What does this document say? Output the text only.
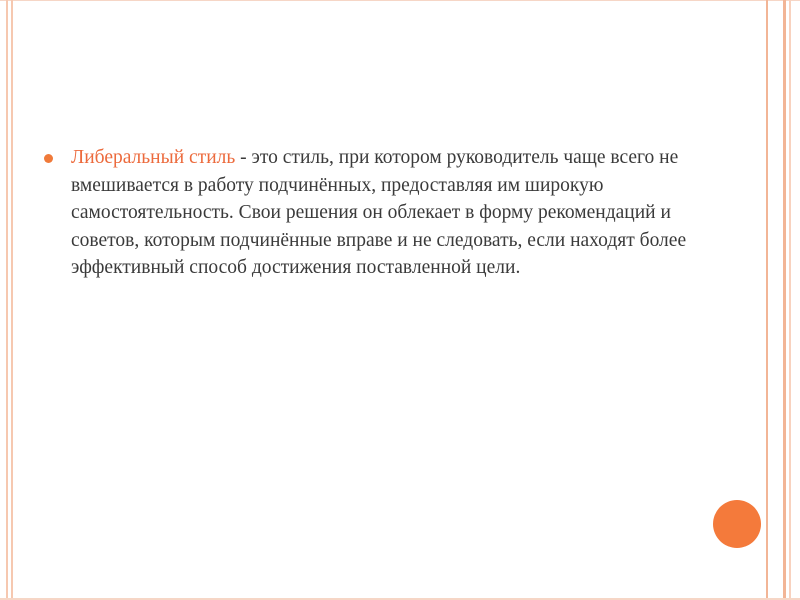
Либеральный стиль - это стиль, при котором руководитель чаще всего не вмешивается в работу подчинённых, предоставляя им широкую самостоятельность. Свои решения он облекает в форму рекомендаций и советов, которым подчинённые вправе и не следовать, если находят более эффективный способ достижения поставленной цели.
